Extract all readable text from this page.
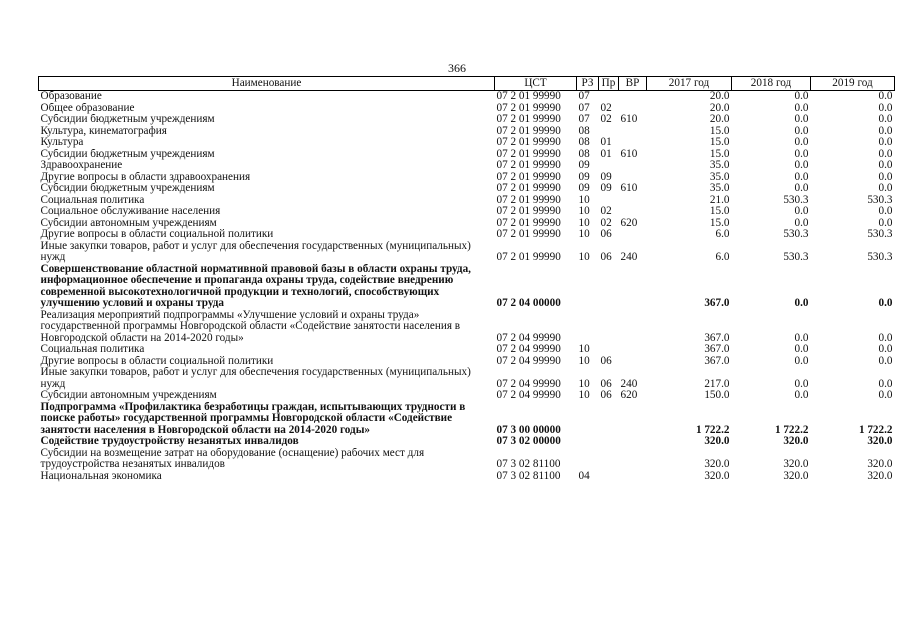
366
Наименование	ЦСТ	РЗ	Пр	ВР	2017 год	2018 год	2019 год
Образование	07 2 01 99990	07			20.0	0.0	0.0
Общее образование	07 2 01 99990	07	02		20.0	0.0	0.0
Субсидии бюджетным учреждениям	07 2 01 99990	07	02	610	20.0	0.0	0.0
Культура, кинематография	07 2 01 99990	08			15.0	0.0	0.0
Культура	07 2 01 99990	08	01		15.0	0.0	0.0
Субсидии бюджетным учреждениям	07 2 01 99990	08	01	610	15.0	0.0	0.0
Здравоохранение	07 2 01 99990	09			35.0	0.0	0.0
Другие вопросы в области здравоохранения	07 2 01 99990	09	09		35.0	0.0	0.0
Субсидии бюджетным учреждениям	07 2 01 99990	09	09	610	35.0	0.0	0.0
Социальная политика	07 2 01 99990	10			21.0	530.3	530.3
Социальное обслуживание населения	07 2 01 99990	10	02		15.0	0.0	0.0
Субсидии автономным учреждениям	07 2 01 99990	10	02	620	15.0	0.0	0.0
Другие вопросы в области социальной политики	07 2 01 99990	10	06		6.0	530.3	530.3
Иные закупки товаров, работ и услуг для обеспечения государственных (муниципальных) нужд	07 2 01 99990	10	06	240	6.0	530.3	530.3
Совершенствование областной нормативной правовой базы в области охраны труда, информационное обеспечение и пропаганда охраны труда, содействие внедрению современной высокотехнологичной продукции и технологий, способствующих улучшению условий и охраны труда	07 2 04 00000				367.0	0.0	0.0
Реализация мероприятий подпрограммы «Улучшение условий и охраны труда» государственной программы Новгородской области «Содействие занятости населения в Новгородской области на 2014-2020 годы»	07 2 04 99990				367.0	0.0	0.0
Социальная политика	07 2 04 99990	10			367.0	0.0	0.0
Другие вопросы в области социальной политики	07 2 04 99990	10	06		367.0	0.0	0.0
Иные закупки товаров, работ и услуг для обеспечения государственных (муниципальных) нужд	07 2 04 99990	10	06	240	217.0	0.0	0.0
Субсидии автономным учреждениям	07 2 04 99990	10	06	620	150.0	0.0	0.0
Подпрограмма «Профилактика безработицы граждан, испытывающих трудности в поиске работы» государственной программы Новгородской области «Содействие занятости населения в Новгородской области на 2014-2020 годы»	07 3 00 00000				1 722.2	1 722.2	1 722.2
Содействие трудоустройству незанятых инвалидов	07 3 02 00000				320.0	320.0	320.0
Субсидии на возмещение затрат на оборудование (оснащение) рабочих мест для трудоустройства незанятых инвалидов	07 3 02 81100				320.0	320.0	320.0
Национальная экономика	07 3 02 81100	04			320.0	320.0	320.0
